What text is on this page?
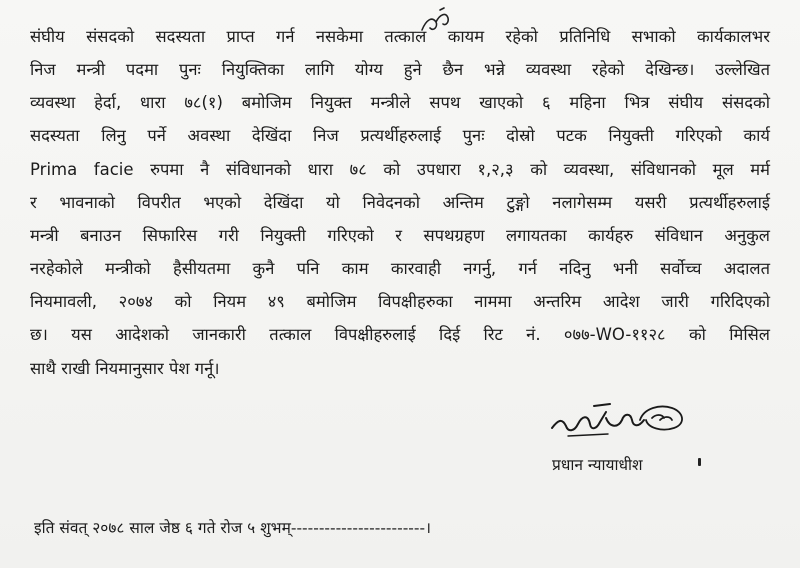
संघीय संसदको सदस्यता प्राप्त गर्न नसकेमा तत्काल कायम रहेको प्रतिनिधि सभाको कार्यकालभर
निज मन्त्री पदमा पुनः नियुक्तिका लागि योग्य हुने छैन भन्ने व्यवस्था रहेको देखिन्छ। उल्लेखित
व्यवस्था हेर्दा, धारा ७८(१) बमोजिम नियुक्त मन्त्रीले सपथ खाएको ६ महिना भित्र संघीय संसदको
सदस्यता लिनु पर्ने अवस्था देखिंदा निज प्रत्यर्थीहरुलाई पुनः दोस्रो पटक नियुक्ती गरिएको कार्य
Prima facie रुपमा नै संविधानको धारा ७८ को उपधारा १,२,३ को व्यवस्था, संविधानको मूल मर्म
र भावनाको विपरीत भएको देखिंदा यो निवेदनको अन्तिम टुङ्गो नलागेसम्म यसरी प्रत्यर्थीहरुलाई
मन्त्री बनाउन सिफारिस गरी नियुक्ती गरिएको र सपथग्रहण लगायतका कार्यहरु संविधान अनुकुल
नरहेकोले मन्त्रीको हैसीयतमा कुनै पनि काम कारवाही नगर्नु, गर्न नदिनु भनी सर्वोच्च अदालत
नियमावली, २०७४ को नियम ४९ बमोजिम विपक्षीहरुका नाममा अन्तरिम आदेश जारी गरिदिएको
छ। यस आदेशको जानकारी तत्काल विपक्षीहरुलाई दिई रिट नं. ०७७-WO-११२८ को मिसिल
साथै राखी नियमानुसार पेश गर्नू।
प्रधान न्यायाधीश
इति संवत् २०७८ साल जेष्ठ ६ गते रोज ५ शुभम्------------------------।
